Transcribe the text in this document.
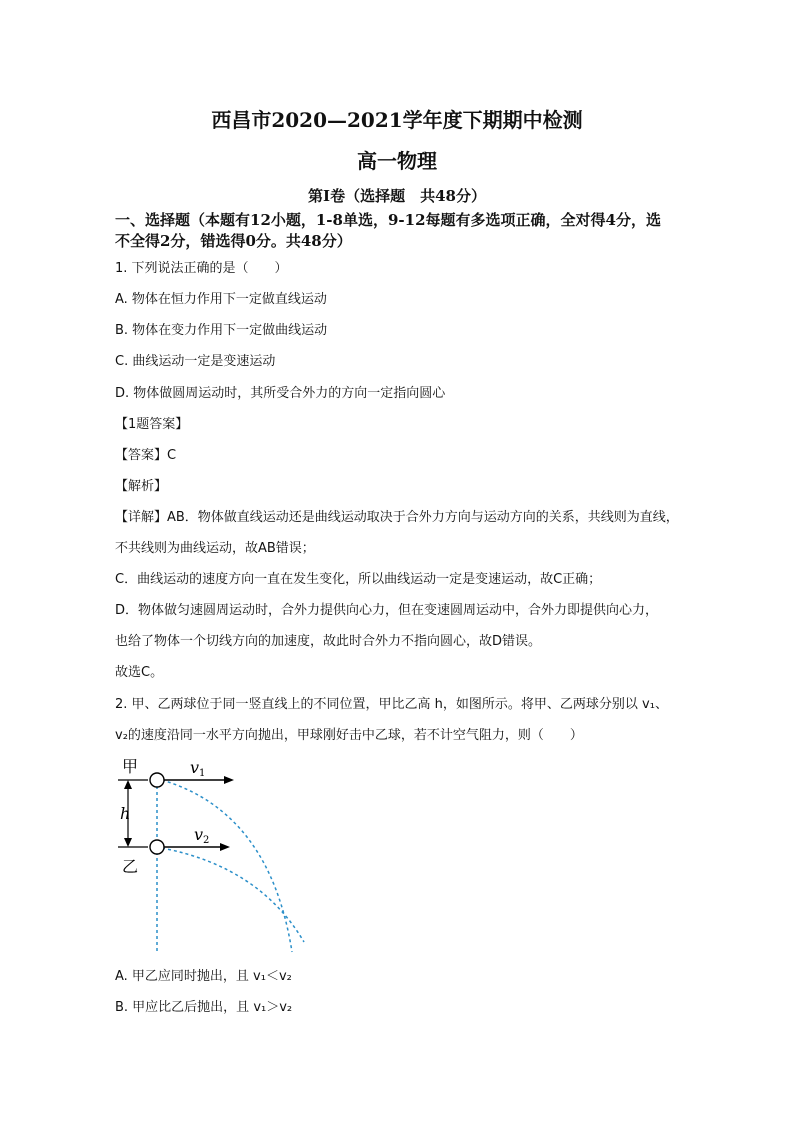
西昌市2020—2021学年度下期期中检测
高一物理
第Ⅰ卷（选择题　共48分）
一、选择题（本题有12小题，1-8单选，9-12每题有多选项正确，全对得4分，选
不全得2分，错选得0分。共48分）
1. 下列说法正确的是（　　）
A. 物体在恒力作用下一定做直线运动
B. 物体在变力作用下一定做曲线运动
C. 曲线运动一定是变速运动
D. 物体做圆周运动时，其所受合外力的方向一定指向圆心
【1题答案】
【答案】C
【解析】
【详解】AB．物体做直线运动还是曲线运动取决于合外力方向与运动方向的关系，共线则为直线，
不共线则为曲线运动，故AB错误；
C．曲线运动的速度方向一直在发生变化，所以曲线运动一定是变速运动，故C正确；
D．物体做匀速圆周运动时，合外力提供向心力，但在变速圆周运动中，合外力即提供向心力，
也给了物体一个切线方向的加速度，故此时合外力不指向圆心，故D错误。
故选C。
2. 甲、乙两球位于同一竖直线上的不同位置，甲比乙高 h，如图所示。将甲、乙两球分别以 v₁、
v₂的速度沿同一水平方向抛出，甲球刚好击中乙球，若不计空气阻力，则（　　）
甲
乙
h
v 1
v 2
A. 甲乙应同时抛出，且 v₁＜v₂
B. 甲应比乙后抛出，且 v₁＞v₂
